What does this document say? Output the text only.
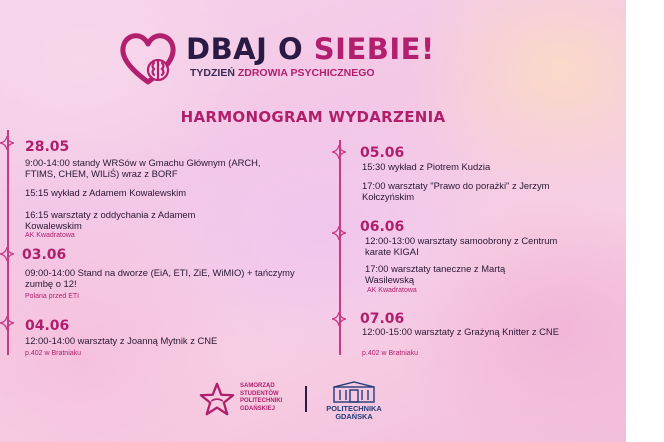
DBAJ O SIEBIE!
TYDZIEŃ ZDROWIA PSYCHICZNEGO
HARMONOGRAM WYDARZENIA
28.05
9:00-14:00 standy WRSów w Gmachu Głównym (ARCH, FTIMS, CHEM, WILiŚ) wraz z BORF
15:15 wykład z Adamem Kowalewskim
16:15 warsztaty z oddychania z Adamem Kowalewskim
AK Kwadratowa
03.06
09:00-14:00 Stand na dworze (EiA, ETI, ZiE, WiMIO) + tańczymy zumbę o 12!
Polana przed ETI
04.06
12:00-14:00 warsztaty z Joanną Mytnik z CNE
p.402 w Bratniaku
05.06
15:30 wykład z Piotrem Kudzia
17:00 warsztaty "Prawo do porażki" z Jerzym Kołczyńskim
06.06
12:00-13:00 warsztaty samoobrony z Centrum karate KIGAI
17:00 warsztaty taneczne z Martą Wasilewską
AK Kwadratowa
07.06
12:00-15:00 warsztaty z Grażyną Knitter z CNE
p.402 w Bratniaku
SAMORZĄD
STUDENTÓW
POLITECHNIKI
GDAŃSKIEJ	POLITECHNIKA
GDAŃSKA
